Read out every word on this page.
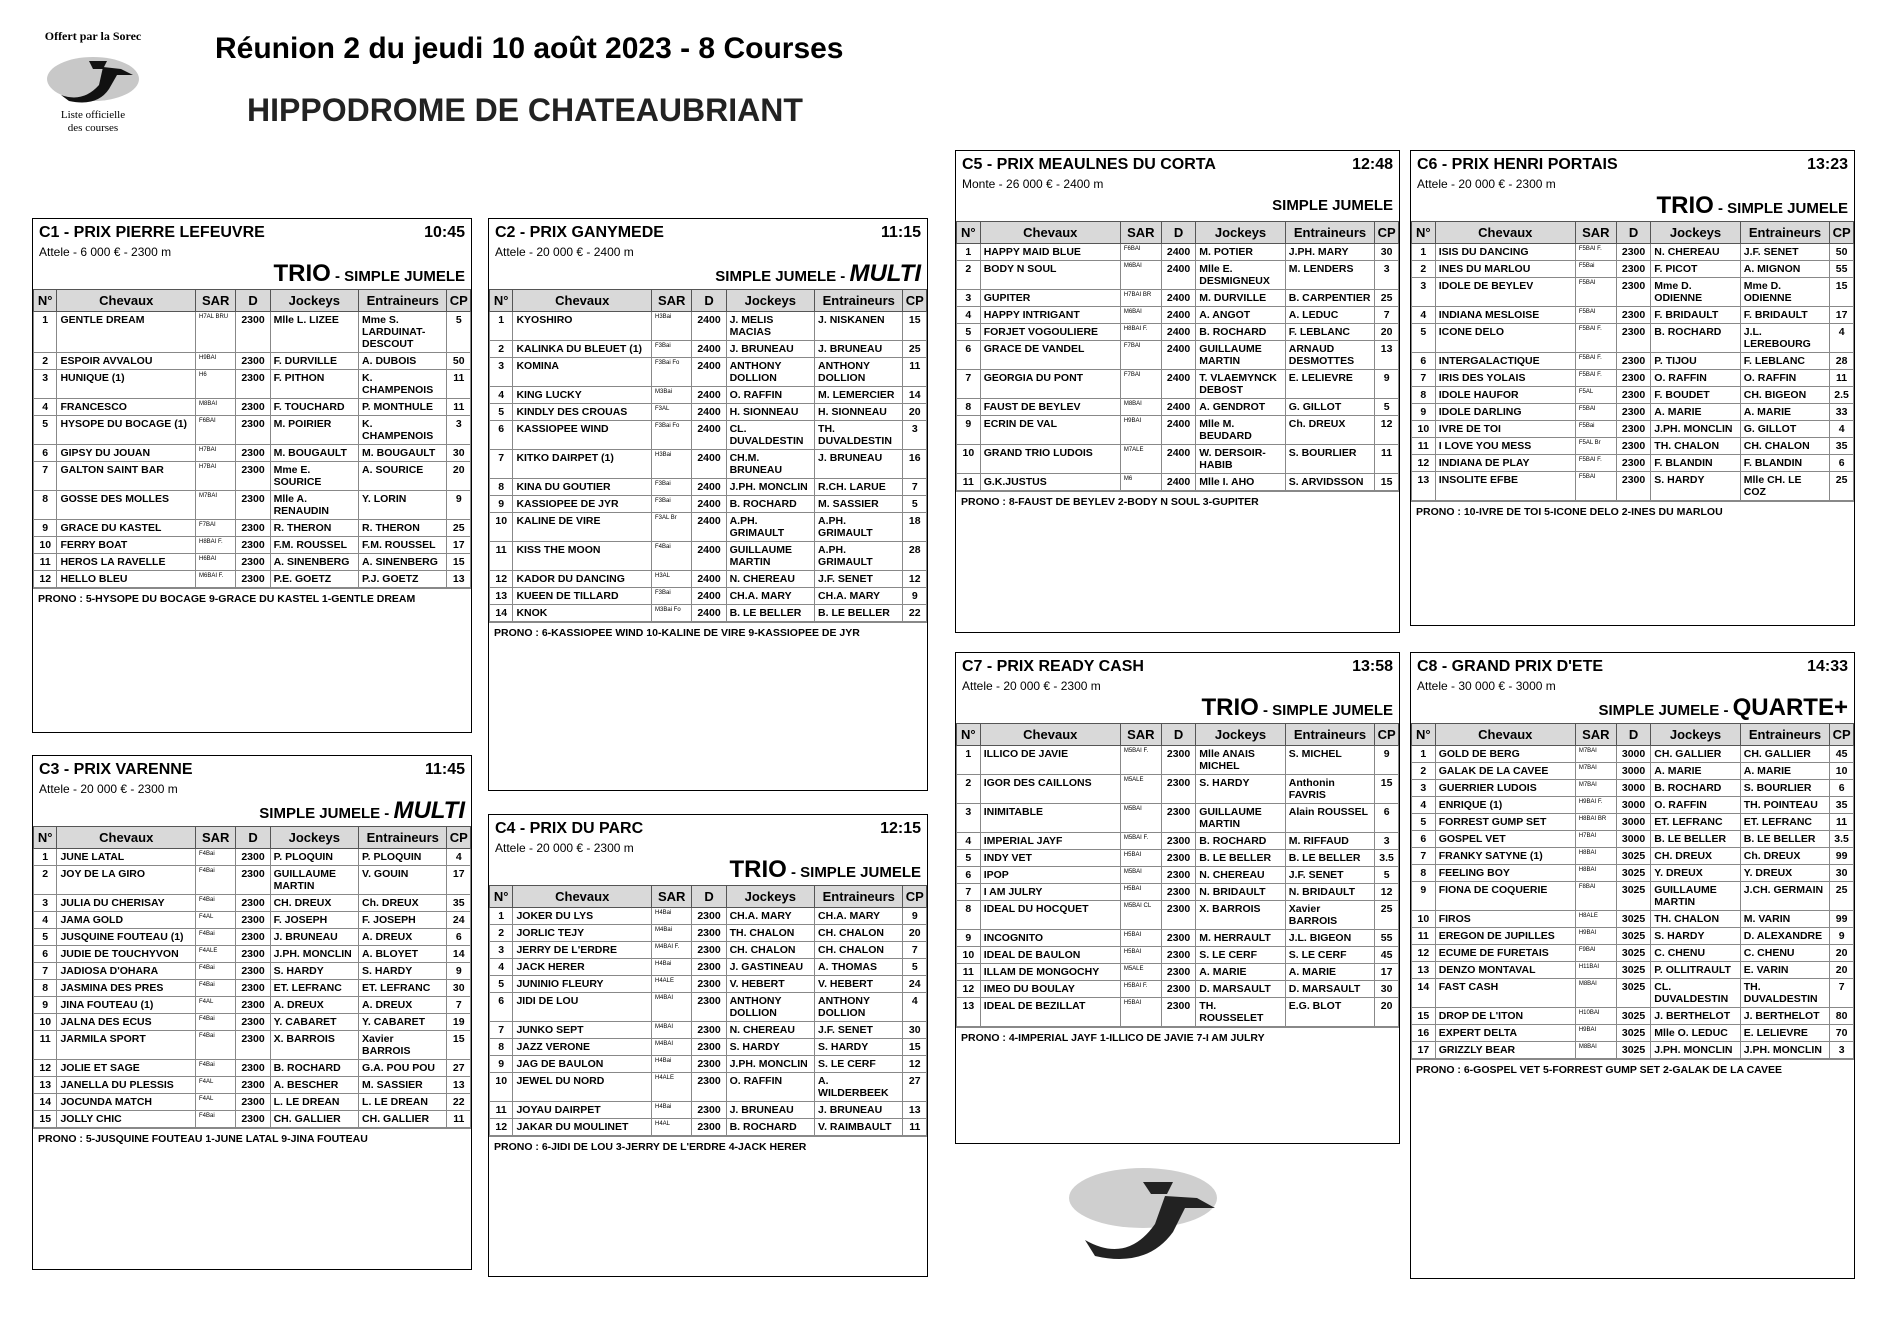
Offert par la Sorec
Liste officielle
des courses
Réunion 2 du jeudi 10 août 2023 - 8 Courses
HIPPODROME DE CHATEAUBRIANT
C1 - PRIX PIERRE LEFEUVRE	10:45
Attele - 6 000 € - 2300 m
TRIO - SIMPLE JUMELE
N°	Chevaux	SAR	D	Jockeys	Entraineurs	CP
1	GENTLE DREAM	H7AL BRU	2300	Mlle L. LIZEE	Mme S. LARDUINAT-DESCOUT	5
2	ESPOIR AVVALOU	H9BAI	2300	F. DURVILLE	A. DUBOIS	50
3	HUNIQUE (1)	H6	2300	F. PITHON	K. CHAMPENOIS	11
4	FRANCESCO	M8BAI	2300	F. TOUCHARD	P. MONTHULE	11
5	HYSOPE DU BOCAGE (1)	F6BAI	2300	M. POIRIER	K. CHAMPENOIS	3
6	GIPSY DU JOUAN	H7BAI	2300	M. BOUGAULT	M. BOUGAULT	30
7	GALTON SAINT BAR	H7BAI	2300	Mme E. SOURICE	A. SOURICE	20
8	GOSSE DES MOLLES	M7BAI	2300	Mlle A. RENAUDIN	Y. LORIN	9
9	GRACE DU KASTEL	F7BAI	2300	R. THERON	R. THERON	25
10	FERRY BOAT	H8BAI F.	2300	F.M. ROUSSEL	F.M. ROUSSEL	17
11	HEROS LA RAVELLE	H6BAI	2300	A. SINENBERG	A. SINENBERG	15
12	HELLO BLEU	M6BAI F.	2300	P.E. GOETZ	P.J. GOETZ	13
PRONO : 5-HYSOPE DU BOCAGE 9-GRACE DU KASTEL 1-GENTLE DREAM
C2 - PRIX GANYMEDE	11:15
Attele - 20 000 € - 2400 m
SIMPLE JUMELE - MULTI
N°	Chevaux	SAR	D	Jockeys	Entraineurs	CP
1	KYOSHIRO	H3Bai	2400	J. MELIS MACIAS	J. NISKANEN	15
2	KALINKA DU BLEUET (1)	F3Bai	2400	J. BRUNEAU	J. BRUNEAU	25
3	KOMINA	F3Bai Fo	2400	ANTHONY DOLLION	ANTHONY DOLLION	11
4	KING LUCKY	M3Bai	2400	O. RAFFIN	M. LEMERCIER	14
5	KINDLY DES CROUAS	F3AL	2400	H. SIONNEAU	H. SIONNEAU	20
6	KASSIOPEE WIND	F3Bai Fo	2400	CL. DUVALDESTIN	TH. DUVALDESTIN	3
7	KITKO DAIRPET (1)	H3Bai	2400	CH.M. BRUNEAU	J. BRUNEAU	16
8	KINA DU GOUTIER	F3Bai	2400	J.PH. MONCLIN	R.CH. LARUE	7
9	KASSIOPEE DE JYR	F3Bai	2400	B. ROCHARD	M. SASSIER	5
10	KALINE DE VIRE	F3AL Br	2400	A.PH. GRIMAULT	A.PH. GRIMAULT	18
11	KISS THE MOON	F4Bai	2400	GUILLAUME MARTIN	A.PH. GRIMAULT	28
12	KADOR DU DANCING	H3AL	2400	N. CHEREAU	J.F. SENET	12
13	KUEEN DE TILLARD	F3Bai	2400	CH.A. MARY	CH.A. MARY	9
14	KNOK	M3Bai Fo	2400	B. LE BELLER	B. LE BELLER	22
PRONO : 6-KASSIOPEE WIND 10-KALINE DE VIRE 9-KASSIOPEE DE JYR
C3 - PRIX VARENNE	11:45
Attele - 20 000 € - 2300 m
SIMPLE JUMELE - MULTI
N°	Chevaux	SAR	D	Jockeys	Entraineurs	CP
1	JUNE LATAL	F4Bai	2300	P. PLOQUIN	P. PLOQUIN	4
2	JOY DE LA GIRO	F4Bai	2300	GUILLAUME MARTIN	V. GOUIN	17
3	JULIA DU CHERISAY	F4Bai	2300	CH. DREUX	Ch. DREUX	35
4	JAMA GOLD	F4AL	2300	F. JOSEPH	F. JOSEPH	24
5	JUSQUINE FOUTEAU (1)	F4Bai	2300	J. BRUNEAU	A. DREUX	6
6	JUDIE DE TOUCHYVON	F4ALE	2300	J.PH. MONCLIN	A. BLOYET	14
7	JADIOSA D'OHARA	F4Bai	2300	S. HARDY	S. HARDY	9
8	JASMINA DES PRES	F4Bai	2300	ET. LEFRANC	ET. LEFRANC	30
9	JINA FOUTEAU (1)	F4AL	2300	A. DREUX	A. DREUX	7
10	JALNA DES ECUS	F4Bai	2300	Y. CABARET	Y. CABARET	19
11	JARMILA SPORT	F4Bai	2300	X. BARROIS	Xavier BARROIS	15
12	JOLIE ET SAGE	F4Bai	2300	B. ROCHARD	G.A. POU POU	27
13	JANELLA DU PLESSIS	F4AL	2300	A. BESCHER	M. SASSIER	13
14	JOCUNDA MATCH	F4AL	2300	L. LE DREAN	L. LE DREAN	22
15	JOLLY CHIC	F4Bai	2300	CH. GALLIER	CH. GALLIER	11
PRONO : 5-JUSQUINE FOUTEAU 1-JUNE LATAL 9-JINA FOUTEAU
C4 - PRIX DU PARC	12:15
Attele - 20 000 € - 2300 m
TRIO - SIMPLE JUMELE
N°	Chevaux	SAR	D	Jockeys	Entraineurs	CP
1	JOKER DU LYS	H4Bai	2300	CH.A. MARY	CH.A. MARY	9
2	JORLIC TEJY	M4Bai	2300	TH. CHALON	CH. CHALON	20
3	JERRY DE L'ERDRE	M4BAI F.	2300	CH. CHALON	CH. CHALON	7
4	JACK HERER	H4Bai	2300	J. GASTINEAU	A. THOMAS	5
5	JUNINIO FLEURY	H4ALE	2300	V. HEBERT	V. HEBERT	24
6	JIDI DE LOU	M4BAI	2300	ANTHONY DOLLION	ANTHONY DOLLION	4
7	JUNKO SEPT	M4BAI	2300	N. CHEREAU	J.F. SENET	30
8	JAZZ VERONE	M4BAI	2300	S. HARDY	S. HARDY	15
9	JAG DE BAULON	H4Bai	2300	J.PH. MONCLIN	S. LE CERF	12
10	JEWEL DU NORD	H4ALE	2300	O. RAFFIN	A. WILDERBEEK	27
11	JOYAU DAIRPET	H4Bai	2300	J. BRUNEAU	J. BRUNEAU	13
12	JAKAR DU MOULINET	H4AL	2300	B. ROCHARD	V. RAIMBAULT	11
PRONO : 6-JIDI DE LOU 3-JERRY DE L'ERDRE 4-JACK HERER
C5 - PRIX MEAULNES DU CORTA	12:48
Monte - 26 000 € - 2400 m
SIMPLE JUMELE
N°	Chevaux	SAR	D	Jockeys	Entraineurs	CP
1	HAPPY MAID BLUE	F6BAI	2400	M. POTIER	J.PH. MARY	30
2	BODY N SOUL	M6BAI	2400	Mlle E. DESMIGNEUX	M. LENDERS	3
3	GUPITER	H7BAI BR	2400	M. DURVILLE	B. CARPENTIER	25
4	HAPPY INTRIGANT	M6BAI	2400	A. ANGOT	A. LEDUC	7
5	FORJET VOGOULIERE	H8BAI F.	2400	B. ROCHARD	F. LEBLANC	20
6	GRACE DE VANDEL	F7BAI	2400	GUILLAUME MARTIN	ARNAUD DESMOTTES	13
7	GEORGIA DU PONT	F7BAI	2400	T. VLAEMYNCK DEBOST	E. LELIEVRE	9
8	FAUST DE BEYLEV	M8BAI	2400	A. GENDROT	G. GILLOT	5
9	ECRIN DE VAL	H9BAI	2400	Mlle M. BEUDARD	Ch. DREUX	12
10	GRAND TRIO LUDOIS	M7ALE	2400	W. DERSOIR-HABIB	S. BOURLIER	11
11	G.K.JUSTUS	M6	2400	Mlle I. AHO	S. ARVIDSSON	15
PRONO : 8-FAUST DE BEYLEV 2-BODY N SOUL 3-GUPITER
C6 - PRIX HENRI PORTAIS	13:23
Attele - 20 000 € - 2300 m
TRIO - SIMPLE JUMELE
N°	Chevaux	SAR	D	Jockeys	Entraineurs	CP
1	ISIS DU DANCING	F5BAI F.	2300	N. CHEREAU	J.F. SENET	50
2	INES DU MARLOU	F5Bai	2300	F. PICOT	A. MIGNON	55
3	IDOLE DE BEYLEV	F5BAI	2300	Mme D. ODIENNE	Mme D. ODIENNE	15
4	INDIANA MESLOISE	F5BAI	2300	F. BRIDAULT	F. BRIDAULT	17
5	ICONE DELO	F5BAI F.	2300	B. ROCHARD	J.L. LEREBOURG	4
6	INTERGALACTIQUE	F5BAI F.	2300	P. TIJOU	F. LEBLANC	28
7	IRIS DES YOLAIS	F5BAI F.	2300	O. RAFFIN	O. RAFFIN	11
8	IDOLE HAUFOR	F5AL	2300	F. BOUDET	CH. BIGEON	2.5
9	IDOLE DARLING	F5BAI	2300	A. MARIE	A. MARIE	33
10	IVRE DE TOI	F5Bai	2300	J.PH. MONCLIN	G. GILLOT	4
11	I LOVE YOU MESS	F5AL Br	2300	TH. CHALON	CH. CHALON	35
12	INDIANA DE PLAY	F5BAI F.	2300	F. BLANDIN	F. BLANDIN	6
13	INSOLITE EFBE	F5BAI	2300	S. HARDY	Mlle CH. LE COZ	25
PRONO : 10-IVRE DE TOI 5-ICONE DELO 2-INES DU MARLOU
C7 - PRIX READY CASH	13:58
Attele - 20 000 € - 2300 m
TRIO - SIMPLE JUMELE
N°	Chevaux	SAR	D	Jockeys	Entraineurs	CP
1	ILLICO DE JAVIE	M5BAI F.	2300	Mlle ANAIS MICHEL	S. MICHEL	9
2	IGOR DES CAILLONS	M5ALE	2300	S. HARDY	Anthonin FAVRIS	15
3	INIMITABLE	M5BAI	2300	GUILLAUME MARTIN	Alain ROUSSEL	6
4	IMPERIAL JAYF	M5BAI F.	2300	B. ROCHARD	M. RIFFAUD	3
5	INDY VET	H5BAI	2300	B. LE BELLER	B. LE BELLER	3.5
6	IPOP	M5BAI	2300	N. CHEREAU	J.F. SENET	5
7	I AM JULRY	H5BAI	2300	N. BRIDAULT	N. BRIDAULT	12
8	IDEAL DU HOCQUET	M5BAI CL	2300	X. BARROIS	Xavier BARROIS	25
9	INCOGNITO	H5BAI	2300	M. HERRAULT	J.L. BIGEON	55
10	IDEAL DE BAULON	H5BAI	2300	S. LE CERF	S. LE CERF	45
11	ILLAM DE MONGOCHY	M5ALE	2300	A. MARIE	A. MARIE	17
12	IMEO DU BOULAY	H5BAI F.	2300	D. MARSAULT	D. MARSAULT	30
13	IDEAL DE BEZILLAT	H5BAI	2300	TH. ROUSSELET	E.G. BLOT	20
PRONO : 4-IMPERIAL JAYF 1-ILLICO DE JAVIE 7-I AM JULRY
C8 - GRAND PRIX D'ETE	14:33
Attele - 30 000 € - 3000 m
SIMPLE JUMELE - QUARTE+
N°	Chevaux	SAR	D	Jockeys	Entraineurs	CP
1	GOLD DE BERG	M7BAI	3000	CH. GALLIER	CH. GALLIER	45
2	GALAK DE LA CAVEE	M7BAI	3000	A. MARIE	A. MARIE	10
3	GUERRIER LUDOIS	M7BAI	3000	B. ROCHARD	S. BOURLIER	6
4	ENRIQUE (1)	H9BAI F.	3000	O. RAFFIN	TH. POINTEAU	35
5	FORREST GUMP SET	H8BAI BR	3000	ET. LEFRANC	ET. LEFRANC	11
6	GOSPEL VET	H7BAI	3000	B. LE BELLER	B. LE BELLER	3.5
7	FRANKY SATYNE (1)	H8BAI	3025	CH. DREUX	Ch. DREUX	99
8	FEELING BOY	H8BAI	3025	Y. DREUX	Y. DREUX	30
9	FIONA DE COQUERIE	F8BAI	3025	GUILLAUME MARTIN	J.CH. GERMAIN	25
10	FIROS	H8ALE	3025	TH. CHALON	M. VARIN	99
11	EREGON DE JUPILLES	H9BAI	3025	S. HARDY	D. ALEXANDRE	9
12	ECUME DE FURETAIS	F9BAI	3025	C. CHENU	C. CHENU	20
13	DENZO MONTAVAL	H11BAI	3025	P. OLLITRAULT	E. VARIN	20
14	FAST CASH	M8BAI	3025	CL. DUVALDESTIN	TH. DUVALDESTIN	7
15	DROP DE L'ITON	H10BAI	3025	J. BERTHELOT	J. BERTHELOT	80
16	EXPERT DELTA	H9BAI	3025	Mlle O. LEDUC	E. LELIEVRE	70
17	GRIZZLY BEAR	M8BAI	3025	J.PH. MONCLIN	J.PH. MONCLIN	3
PRONO : 6-GOSPEL VET 5-FORREST GUMP SET 2-GALAK DE LA CAVEE
